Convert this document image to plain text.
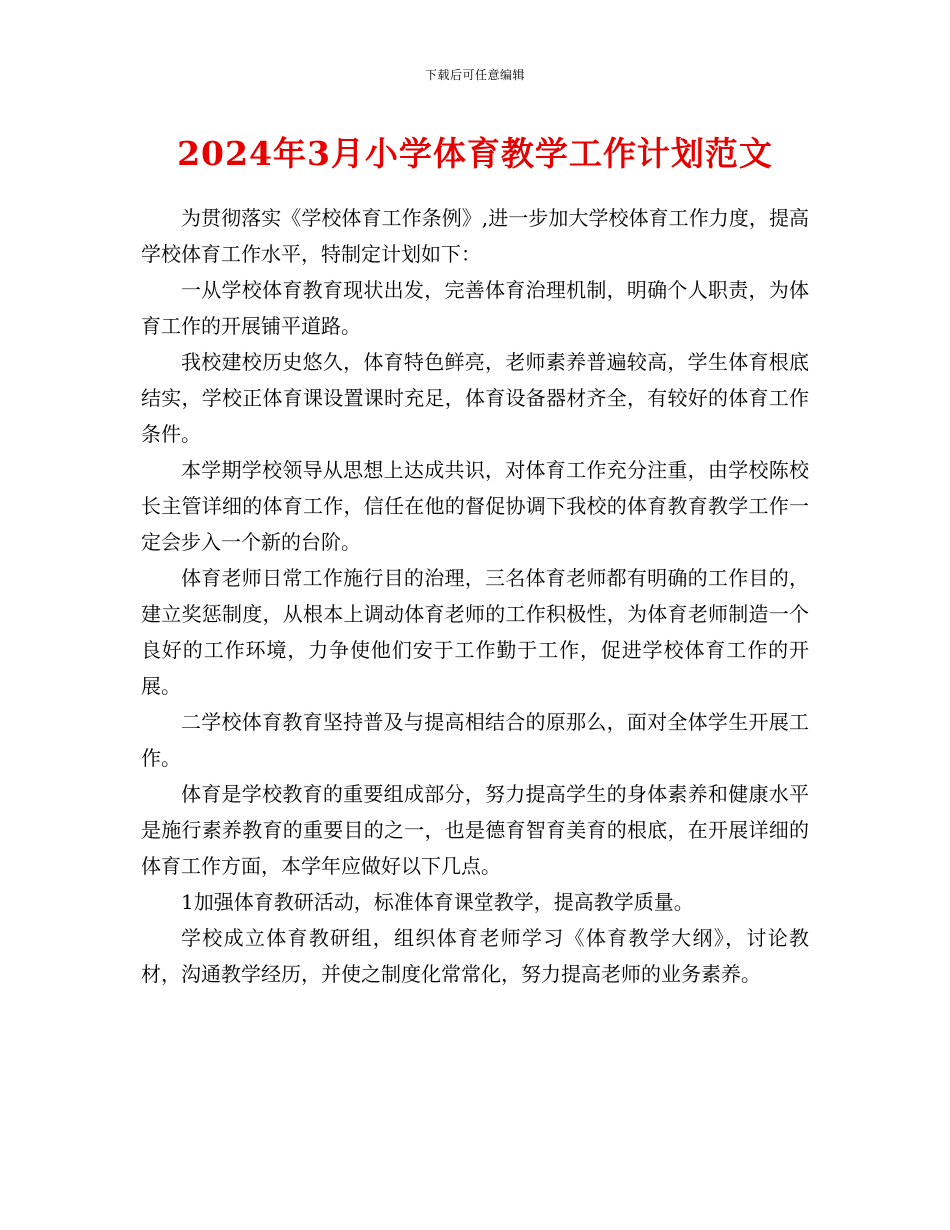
下载后可任意编辑
2024年3月小学体育教学工作计划范文

为贯彻落实《学校体育工作条例》,进一步加大学校体育工作力度，提高学校体育工作水平，特制定计划如下：

一从学校体育教育现状出发，完善体育治理机制，明确个人职责，为体育工作的开展铺平道路。

我校建校历史悠久，体育特色鲜亮，老师素养普遍较高，学生体育根底结实，学校正体育课设置课时充足，体育设备器材齐全，有较好的体育工作条件。

本学期学校领导从思想上达成共识，对体育工作充分注重，由学校陈校长主管详细的体育工作，信任在他的督促协调下我校的体育教育教学工作一定会步入一个新的台阶。

体育老师日常工作施行目的治理，三名体育老师都有明确的工作目的，建立奖惩制度，从根本上调动体育老师的工作积极性，为体育老师制造一个良好的工作环境，力争使他们安于工作勤于工作，促进学校体育工作的开展。

二学校体育教育坚持普及与提高相结合的原那么，面对全体学生开展工作。

体育是学校教育的重要组成部分，努力提高学生的身体素养和健康水平是施行素养教育的重要目的之一，也是德育智育美育的根底，在开展详细的体育工作方面，本学年应做好以下几点。

1加强体育教研活动，标准体育课堂教学，提高教学质量。

学校成立体育教研组，组织体育老师学习《体育教学大纲》，讨论教材，沟通教学经历，并使之制度化常常化，努力提高老师的业务素养。
